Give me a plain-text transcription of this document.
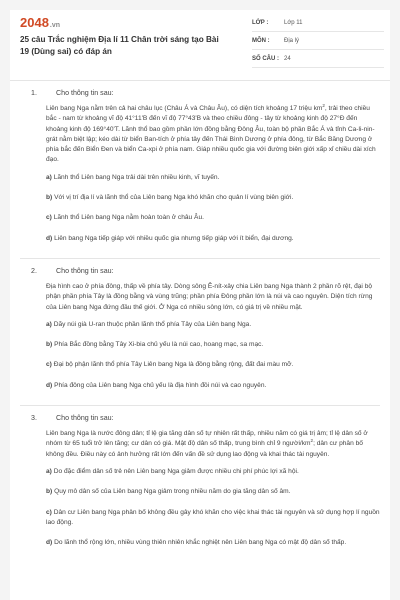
2048.vn
25 câu Trắc nghiệm Địa lí 11 Chân trời sáng tạo Bài 19 (Dùng sai) có đáp án
LỚP :	Lớp 11
MÔN :	Địa lý
SỐ CÂU : 24
1.	Cho thông tin sau:
Liên bang Nga nằm trên cả hai châu lục (Châu Á và Châu Âu), có diện tích khoảng 17 triệu $km^2$, trải theo chiều bắc - nam từ khoảng vĩ độ 41°11'B đến vĩ độ 77°43'B và theo chiều đông - tây từ khoảng kinh độ 27°Đ đến khoảng kinh độ 169°40'T. Lãnh thổ bao gồm phần lớn đồng bằng Đông Âu, toàn bộ phần Bắc Á và tỉnh Ca-li-nin-grát nằm biệt lập; kéo dài từ biển Ban-tích ở phía tây đến Thái Bình Dương ở phía đông, từ Bắc Băng Dương ở phía bắc đến Biển Đen và biển Ca-xpi ở phía nam. Giáp nhiều quốc gia với đường biên giới xấp xỉ chiều dài xích đạo.
a) Lãnh thổ Liên bang Nga trải dài trên nhiều kinh, vĩ tuyến.
b) Với vị trí địa lí và lãnh thổ của Liên bang Nga khó khăn cho quản lí vùng biên giới.
c) Lãnh thổ Liên bang Nga nằm hoàn toàn ở châu Âu.
d) Liên bang Nga tiếp giáp với nhiều quốc gia nhưng tiếp giáp với ít biển, đại dương.
2.	Cho thông tin sau:
Địa hình cao ở phía đông, thấp về phía tây. Dòng sông Ê-nít-xây chia Liên bang Nga thành 2 phần rõ rệt, đại bộ phận phần phía Tây là đồng bằng và vùng trũng; phần phía Đông phần lớn là núi và cao nguyên. Diện tích rừng của Liên bang Nga đứng đầu thế giới. Ở Nga có nhiều sông lớn, có giá trị về nhiều mặt.
a) Dãy núi già U-ran thuộc phần lãnh thổ phía Tây của Liên bang Nga.
b) Phía Bắc đồng bằng Tây Xi-bia chủ yếu là núi cao, hoang mạc, sa mạc.
c) Đại bộ phận lãnh thổ phía Tây Liên bang Nga là đồng bằng rộng, đất đai màu mỡ.
d) Phía đông của Liên bang Nga chủ yếu là địa hình đồi núi và cao nguyên.
3.	Cho thông tin sau:
Liên bang Nga là nước đông dân; tỉ lệ gia tăng dân số tự nhiên rất thấp, nhiều năm có giá trị âm; tỉ lệ dân số ở nhóm từ 65 tuổi trở lên tăng; cư dân có giá. Mật độ dân số thấp, trung bình chỉ 9 người/$km^2$; dân cư phân bố không đều. Điều này có ảnh hưởng rất lớn đến vấn đề sử dụng lao động và khai thác tài nguyên.
a) Do đặc điểm dân số trẻ nên Liên bang Nga giảm được nhiều chi phí phúc lợi xã hội.
b) Quy mô dân số của Liên bang Nga giảm trong nhiều năm do gia tăng dân số âm.
c) Dân cư Liên bang Nga phân bố không đều gây khó khăn cho việc khai thác tài nguyên và sử dụng hợp lí nguồn lao động.
d) Do lãnh thổ rộng lớn, nhiều vùng thiên nhiên khắc nghiệt nên Liên bang Nga có mật độ dân số thấp.
